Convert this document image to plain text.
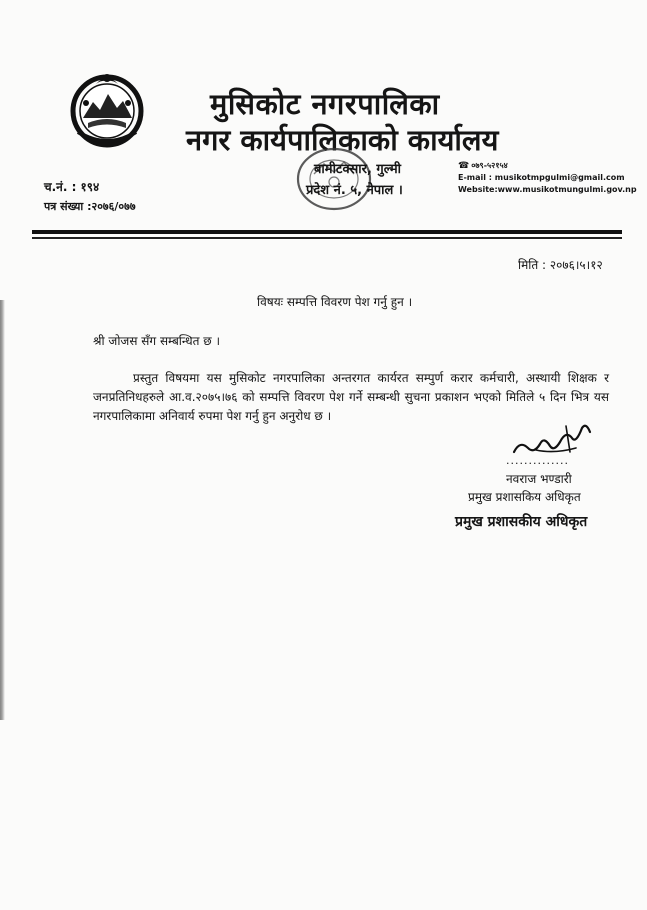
मुसिकोट नगरपालिका
नगर कार्यपालिकाको कार्यालय
बामीटक्सार, गुल्मी
प्रदेश नं. ५, नेपाल ।
☎ ०७९-५२१५४
E-mail : musikotmpgulmi@gmail.com
Website:www.musikotmungulmi.gov.np
च.नं. : १९४
पत्र संख्या :२०७६/०७७
मिति : २०७६।५।१२
विषयः सम्पत्ति विवरण पेश गर्नु हुन ।
श्री जोजस सँग सम्बन्धित छ ।
प्रस्तुत विषयमा यस मुसिकोट नगरपालिका अन्तरगत कार्यरत सम्पुर्ण करार कर्मचारी, अस्थायी शिक्षक र जनप्रतिनिधहरुले आ.व.२०७५।७६ को सम्पत्ति विवरण पेश गर्ने सम्बन्धी सुचना प्रकाशन भएको मितिले ५ दिन भित्र यस नगरपालिकामा अनिवार्य रुपमा पेश गर्नु हुन अनुरोध छ ।
..............
नवराज भण्डारी
प्रमुख प्रशासकिय अधिकृत
प्रमुख प्रशासकीय अधिकृत
